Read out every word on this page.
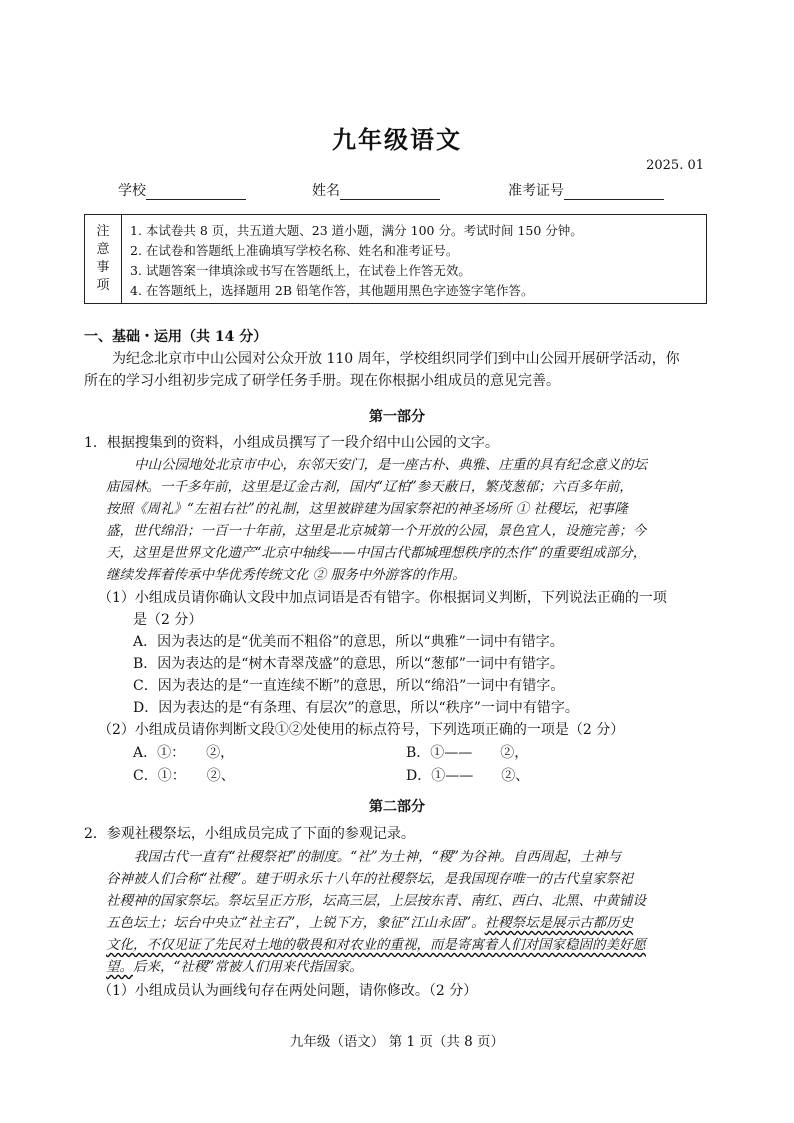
九年级语文
2025. 01
学校	姓名	准考证号
注
意
事
项
1. 本试卷共 8 页，共五道大题、23 道小题，满分 100 分。考试时间 150 分钟。
2. 在试卷和答题纸上准确填写学校名称、姓名和准考证号。
3. 试题答案一律填涂或书写在答题纸上，在试卷上作答无效。
4. 在答题纸上，选择题用 2B 铅笔作答，其他题用黑色字迹签字笔作答。
一、基础・运用（共 14 分）
为纪念北京市中山公园对公众开放 110 周年，学校组织同学们到中山公园开展研学活动，你
所在的学习小组初步完成了研学任务手册。现在你根据小组成员的意见完善。
第一部分
1．根据搜集到的资料，小组成员撰写了一段介绍中山公园的文字。
中山公园地处北京市中心，东邻天安门，是一座古朴、典雅、庄重的具有纪念意义的坛
庙园林。一千多年前，这里是辽金古刹，国内“辽柏”参天蔽日，繁茂葱郁；六百多年前，
按照《周礼》“左祖右社”的礼制，这里被辟建为国家祭祀的神圣场所 ① 社稷坛，祀事隆
盛，世代绵沿；一百一十年前，这里是北京城第一个开放的公园，景色宜人，设施完善；今
天，这里是世界文化遗产“北京中轴线——中国古代都城理想秩序的杰作”的重要组成部分，
继续发挥着传承中华优秀传统文化 ② 服务中外游客的作用。
（1）小组成员请你确认文段中加点词语是否有错字。你根据词义判断，下列说法正确的一项
是（2 分）
A．因为表达的是“优美而不粗俗”的意思，所以“典雅”一词中有错字。
B．因为表达的是“树木青翠茂盛”的意思，所以“葱郁”一词中有错字。
C．因为表达的是“一直连续不断”的意思，所以“绵沿”一词中有错字。
D．因为表达的是“有条理、有层次”的意思，所以“秩序”一词中有错字。
（2）小组成员请你判断文段①②处使用的标点符号，下列选项正确的一项是（2 分）
A．①：　　②，	B．①——　　②，
C．①：　　②、	D．①——　　②、
第二部分
2．参观社稷祭坛，小组成员完成了下面的参观记录。
我国古代一直有“社稷祭祀”的制度。“社”为土神，“稷”为谷神。自西周起，土神与
谷神被人们合称“社稷”。建于明永乐十八年的社稷祭坛，是我国现存唯一的古代皇家祭祀
社稷神的国家祭坛。祭坛呈正方形，坛高三层，上层按东青、南红、西白、北黑、中黄铺设
五色坛土；坛台中央立“社主石”，上锐下方，象征“江山永固”。社稷祭坛是展示古都历史
文化，不仅见证了先民对土地的敬畏和对农业的重视，而是寄寓着人们对国家稳固的美好愿
望。后来，“社稷”常被人们用来代指国家。
（1）小组成员认为画线句存在两处问题，请你修改。（2 分）
九年级（语文） 第 1 页（共 8 页）
